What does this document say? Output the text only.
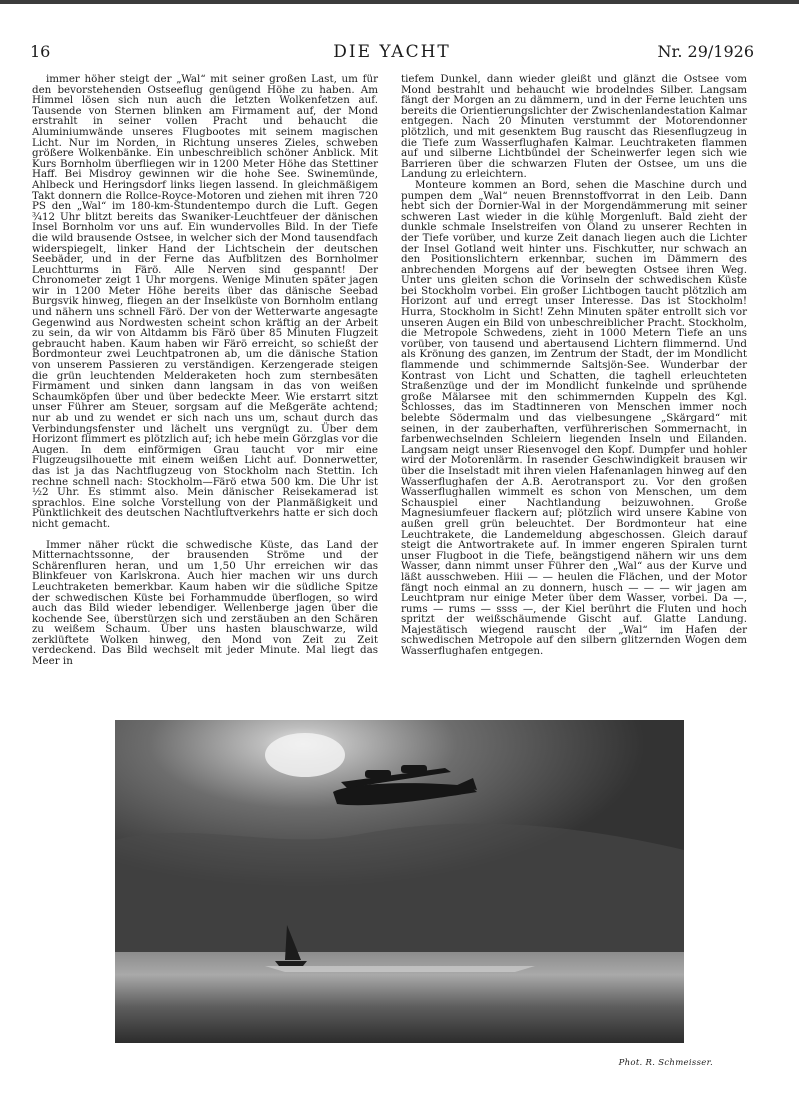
16	DIE YACHT	Nr. 29/1926

immer höher steigt der „Wal“ mit seiner großen Last, um für den bevorstehenden Ostseeflug genügend Höhe zu haben. Am Himmel lösen sich nun auch die letzten Wolkenfetzen auf. Tausende von Sternen blinken am Firmament auf, der Mond erstrahlt in seiner vollen Pracht und behaucht die Aluminiumwände unseres Flugbootes mit seinem magischen Licht. Nur im Norden, in Richtung unseres Zieles, schweben größere Wolkenbänke. Ein unbeschreiblich schöner Anblick. Mit Kurs Bornholm überfliegen wir in 1200 Meter Höhe das Stettiner Haff. Bei Misdroy gewinnen wir die hohe See. Swinemünde, Ahlbeck und Heringsdorf links liegen lassend. In gleichmäßigem Takt donnern die Rollce-Royce-Motoren und ziehen mit ihren 720 PS den „Wal“ im 180-km-Stundentempo durch die Luft. Gegen ¾12 Uhr blitzt bereits das Swaniker-Leuchtfeuer der dänischen Insel Bornholm vor uns auf. Ein wundervolles Bild. In der Tiefe die wild brausende Ostsee, in welcher sich der Mond tausendfach widerspiegelt, linker Hand der Lichtschein der deutschen Seebäder, und in der Ferne das Aufblitzen des Bornholmer Leuchtturms in Färö. Alle Nerven sind gespannt! Der Chronometer zeigt 1 Uhr morgens. Wenige Minuten später jagen wir in 1200 Meter Höhe bereits über das dänische Seebad Burgsvik hinweg, fliegen an der Inselküste von Bornholm entlang und nähern uns schnell Färö. Der von der Wetterwarte angesagte Gegenwind aus Nordwesten scheint schon kräftig an der Arbeit zu sein, da wir von Altdamm bis Färö über 85 Minuten Flugzeit gebraucht haben. Kaum haben wir Färö erreicht, so schießt der Bordmonteur zwei Leuchtpatronen ab, um die dänische Station von unserem Passieren zu verständigen. Kerzengerade steigen die grün leuchtenden Melderaketen hoch zum sternbesäten Firmament und sinken dann langsam in das von weißen Schaumköpfen über und über bedeckte Meer. Wie erstarrt sitzt unser Führer am Steuer, sorgsam auf die Meßgeräte achtend; nur ab und zu wendet er sich nach uns um, schaut durch das Verbindungsfenster und lächelt uns vergnügt zu. Über dem Horizont flimmert es plötzlich auf; ich hebe mein Görzglas vor die Augen. In dem einförmigen Grau taucht vor mir eine Flugzeugsilhouette mit einem weißen Licht auf. Donnerwetter, das ist ja das Nachtflugzeug von Stockholm nach Stettin. Ich rechne schnell nach: Stockholm—Färö etwa 500 km. Die Uhr ist ½2 Uhr. Es stimmt also. Mein dänischer Reisekamerad ist sprachlos. Eine solche Vorstellung von der Planmäßigkeit und Pünktlichkeit des deutschen Nachtluftverkehrs hatte er sich doch nicht gemacht.

Immer näher rückt die schwedische Küste, das Land der Mitternachtssonne, der brausenden Ströme und der Schärenfluren heran, und um 1,50 Uhr erreichen wir das Blinkfeuer von Karlskrona. Auch hier machen wir uns durch Leuchtraketen bemerkbar. Kaum haben wir die südliche Spitze der schwedischen Küste bei Forhammudde überflogen, so wird auch das Bild wieder lebendiger. Wellenberge jagen über die kochende See, überstürzen sich und zerstäuben an den Schären zu weißem Schaum. Über uns hasten blauschwarze, wild zerklüftete Wolken hinweg, den Mond von Zeit zu Zeit verdeckend. Das Bild wechselt mit jeder Minute. Mal liegt das Meer in

tiefem Dunkel, dann wieder gleißt und glänzt die Ostsee vom Mond bestrahlt und behaucht wie brodelndes Silber. Langsam fängt der Morgen an zu dämmern, und in der Ferne leuchten uns bereits die Orientierungslichter der Zwischenlandestation Kalmar entgegen. Nach 20 Minuten verstummt der Motorendonner plötzlich, und mit gesenktem Bug rauscht das Riesenflugzeug in die Tiefe zum Wasserflughafen Kalmar. Leuchtraketen flammen auf und silberne Lichtbündel der Scheinwerfer legen sich wie Barrieren über die schwarzen Fluten der Ostsee, um uns die Landung zu erleichtern.

Monteure kommen an Bord, sehen die Maschine durch und pumpen dem „Wal“ neuen Brennstoffvorrat in den Leib. Dann hebt sich der Dornier-Wal in der Morgendämmerung mit seiner schweren Last wieder in die kühle Morgenluft. Bald zieht der dunkle schmale Inselstreifen von Öland zu unserer Rechten in der Tiefe vorüber, und kurze Zeit danach liegen auch die Lichter der Insel Gotland weit hinter uns. Fischkutter, nur schwach an den Positionslichtern erkennbar, suchen im Dämmern des anbrechenden Morgens auf der bewegten Ostsee ihren Weg. Unter uns gleiten schon die Vorinseln der schwedischen Küste bei Stockholm vorbei. Ein großer Lichtbogen taucht plötzlich am Horizont auf und erregt unser Interesse. Das ist Stockholm! Hurra, Stockholm in Sicht! Zehn Minuten später entrollt sich vor unseren Augen ein Bild von unbeschreiblicher Pracht. Stockholm, die Metropole Schwedens, zieht in 1000 Metern Tiefe an uns vorüber, von tausend und abertausend Lichtern flimmernd. Und als Krönung des ganzen, im Zentrum der Stadt, der im Mondlicht flammende und schimmernde Saltsjön-See. Wunderbar der Kontrast von Licht und Schatten, die taghell erleuchteten Straßenzüge und der im Mondlicht funkelnde und sprühende große Mälarsee mit den schimmernden Kuppeln des Kgl. Schlosses, das im Stadtinneren von Menschen immer noch belebte Södermalm und das vielbesungene „Skärgard“ mit seinen, in der zauberhaften, verführerischen Sommernacht, in farbenwechselnden Schleiern liegenden Inseln und Eilanden. Langsam neigt unser Riesenvogel den Kopf. Dumpfer und hohler wird der Motorenlärm. In rasender Geschwindigkeit brausen wir über die Inselstadt mit ihren vielen Hafenanlagen hinweg auf den Wasserflughafen der A.B. Aerotransport zu. Vor den großen Wasserflughallen wimmelt es schon von Menschen, um dem Schauspiel einer Nachtlandung beizuwohnen. Große Magnesiumfeuer flackern auf; plötzlich wird unsere Kabine von außen grell grün beleuchtet. Der Bordmonteur hat eine Leuchtrakete, die Landemeldung abgeschossen. Gleich darauf steigt die Antwortrakete auf. In immer engeren Spiralen turnt unser Flugboot in die Tiefe, beängstigend nähern wir uns dem Wasser, dann nimmt unser Führer den „Wal“ aus der Kurve und läßt ausschweben. Hiii — — heulen die Flächen, und der Motor fängt noch einmal an zu donnern, husch — — — wir jagen am Leuchtpram nur einige Meter über dem Wasser, vorbei. Da —, rums — rums — ssss —, der Kiel berührt die Fluten und hoch spritzt der weißschäumende Gischt auf. Glatte Landung. Majestätisch wiegend rauscht der „Wal“ im Hafen der schwedischen Metropole auf den silbern glitzernden Wogen dem Wasserflughafen entgegen.

Phot. R. Schmeisser.
